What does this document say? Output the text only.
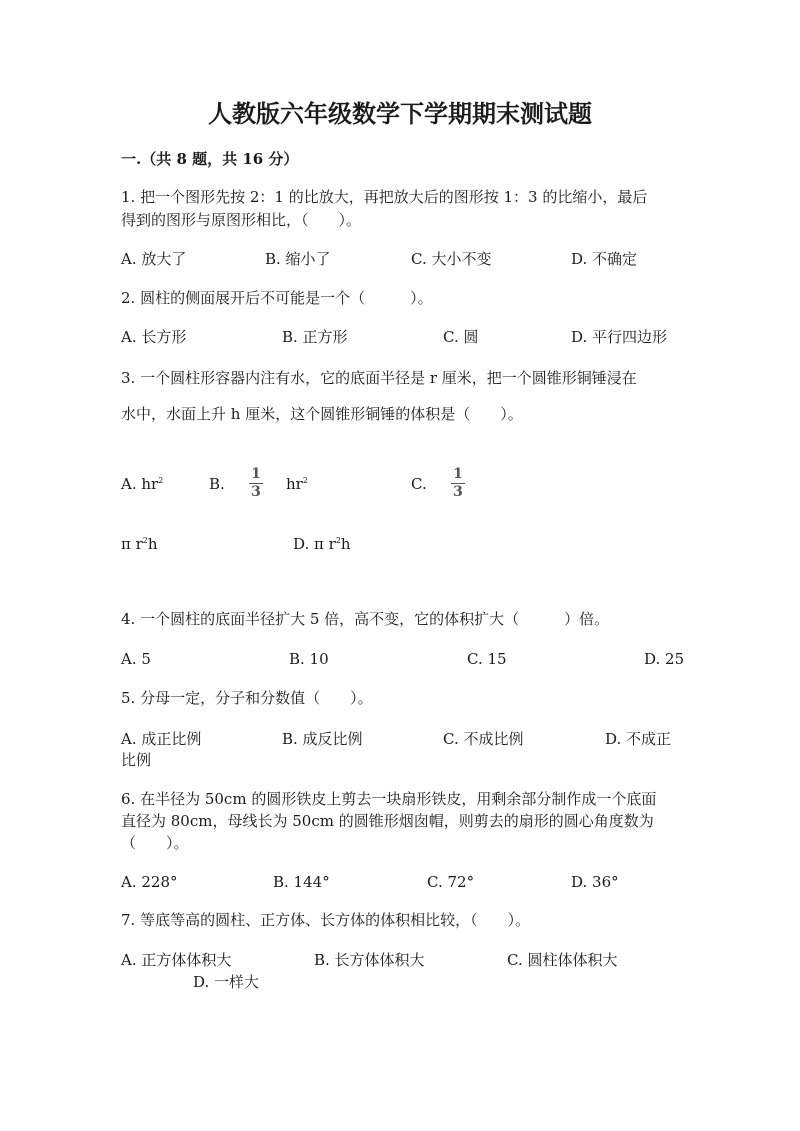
人教版六年级数学下学期期末测试题
一.（共 8 题，共 16 分）
1. 把一个图形先按 2：1 的比放大，再把放大后的图形按 1：3 的比缩小，最后
得到的图形与原图形相比，（　　）。
A. 放大了	B. 缩小了	C. 大小不变	D. 不确定
2. 圆柱的侧面展开后不可能是一个（　　　）。
A. 长方形	B. 正方形	C. 圆	D. 平行四边形
3. 一个圆柱形容器内注有水，它的底面半径是 r 厘米，把一个圆锥形铜锤浸在
水中，水面上升 h 厘米，这个圆锥形铜锤的体积是（　　）。
A. $hr^2$	B.
1
3 $hr^2$	C.
1
3
π $r^2h$	D. π $r^2h$
4. 一个圆柱的底面半径扩大 5 倍，高不变，它的体积扩大（　　　）倍。
A. 5	B. 10	C. 15	D. 25
5. 分母一定，分子和分数值（　　）。
A. 成正比例	B. 成反比例	C. 不成比例	D. 不成正
比例
6. 在半径为 50cm 的圆形铁皮上剪去一块扇形铁皮，用剩余部分制作成一个底面
直径为 80cm，母线长为 50cm 的圆锥形烟囱帽，则剪去的扇形的圆心角度数为
（　　）。
A. 228°	B. 144°	C. 72°	D. 36°
7. 等底等高的圆柱、正方体、长方体的体积相比较，（　　）。
A. 正方体体积大	B. 长方体体积大	C. 圆柱体体积大
D. 一样大
